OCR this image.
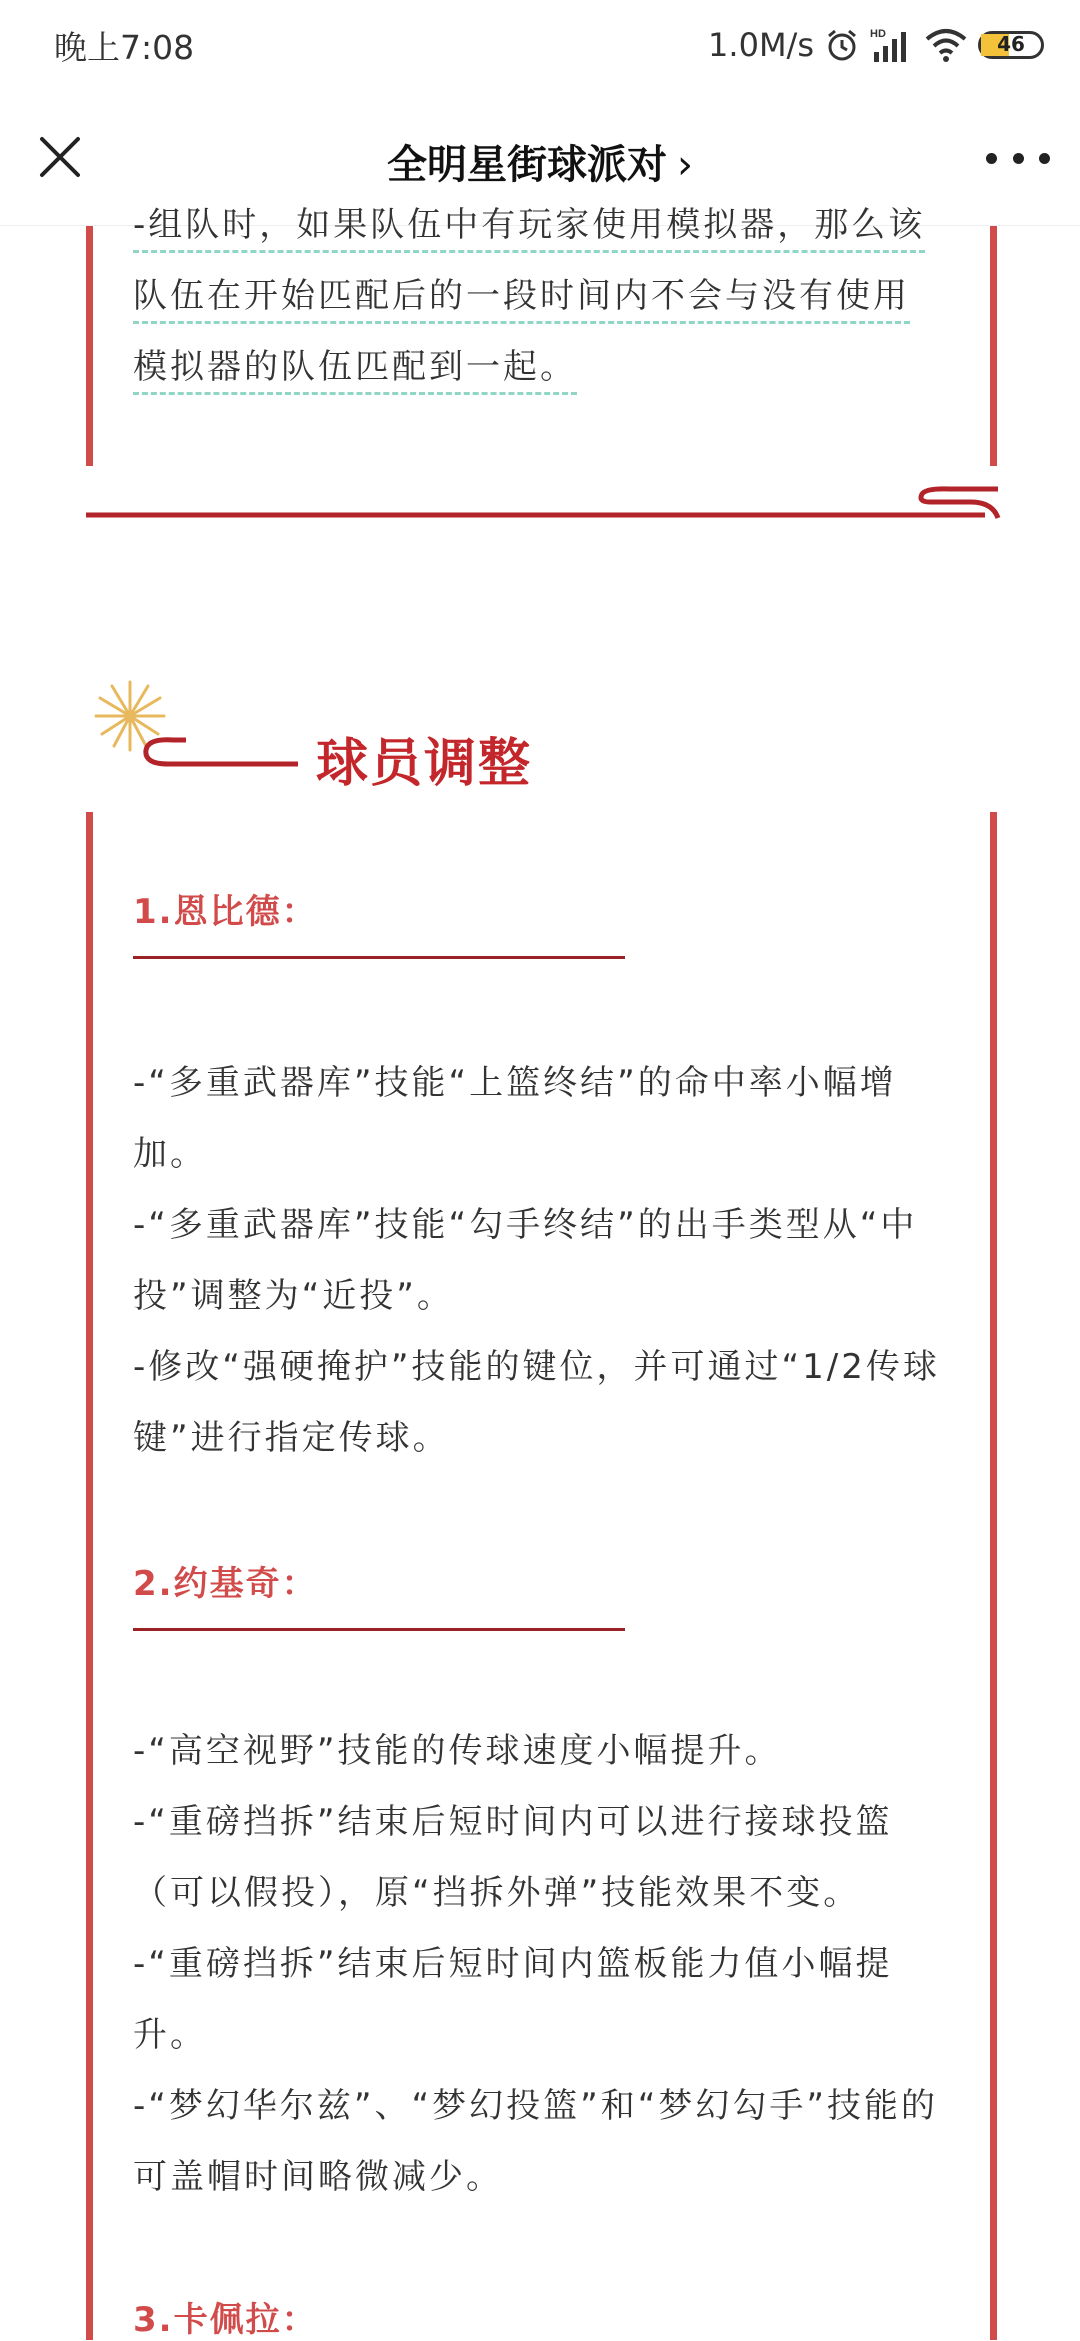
晚上7:08	1.0M/s	HD	46
全明星街球派对 ›

-组队时，如果队伍中有玩家使用模拟器，那么该
队伍在开始匹配后的一段时间内不会与没有使用
模拟器的队伍匹配到一起。

球员调整
1.恩比德：

-“多重武器库”技能“上篮终结”的命中率小幅增
加。
-“多重武器库”技能“勾手终结”的出手类型从“中
投”调整为“近投”。
-修改“强硬掩护”技能的键位，并可通过“1/2传球
键”进行指定传球。

2.约基奇：

-“高空视野”技能的传球速度小幅提升。
-“重磅挡拆”结束后短时间内可以进行接球投篮
（可以假投），原“挡拆外弹”技能效果不变。
-“重磅挡拆”结束后短时间内篮板能力值小幅提
升。
-“梦幻华尔兹”、“梦幻投篮”和“梦幻勾手”技能的
可盖帽时间略微减少。

3.卡佩拉：
